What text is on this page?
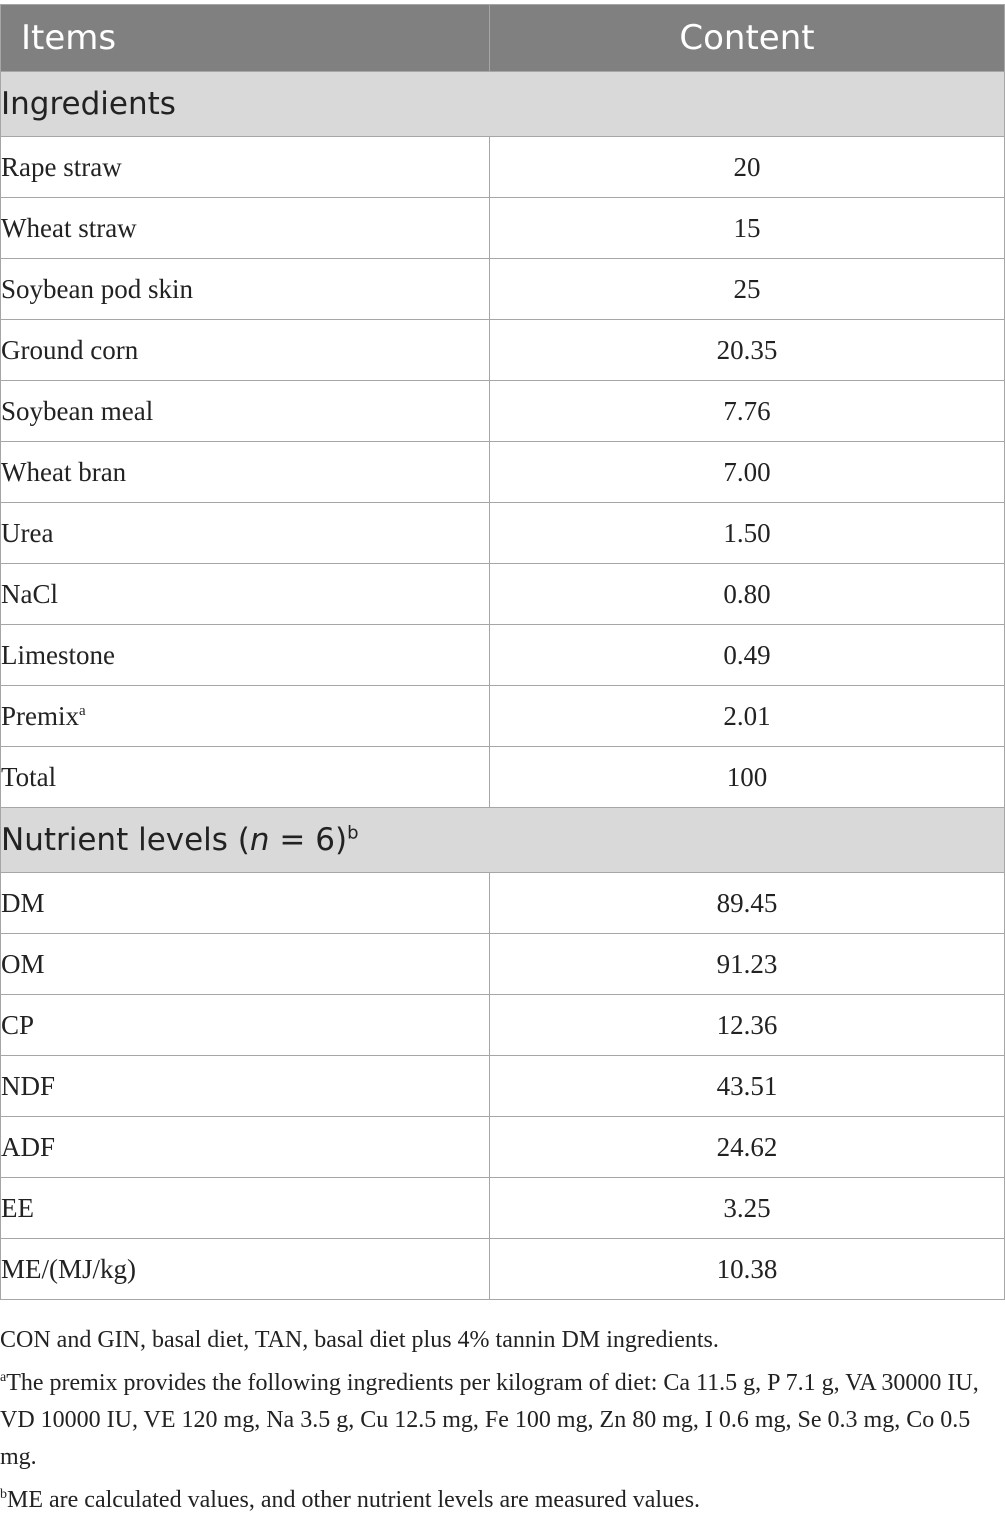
Items	Content
Ingredients	
Rape straw	20
Wheat straw	15
Soybean pod skin	25
Ground corn	20.35
Soybean meal	7.76
Wheat bran	7.00
Urea	1.50
NaCl	0.80
Limestone	0.49
Premix$^a$	2.01
Total	100
Nutrient levels (n = 6)$^b$
DM	89.45
OM	91.23
CP	12.36
NDF	43.51
ADF	24.62
EE	3.25
ME/(MJ/kg)	10.38

CON and GIN, basal diet, TAN, basal diet plus 4% tannin DM ingredients.

$^a$The premix provides the following ingredients per kilogram of diet: Ca 11.5 g, P 7.1 g, VA 30000 IU, VD 10000 IU, VE 120 mg, Na 3.5 g, Cu 12.5 mg, Fe 100 mg, Zn 80 mg, I 0.6 mg, Se 0.3 mg, Co 0.5 mg.

$^b$ME are calculated values, and other nutrient levels are measured values.
